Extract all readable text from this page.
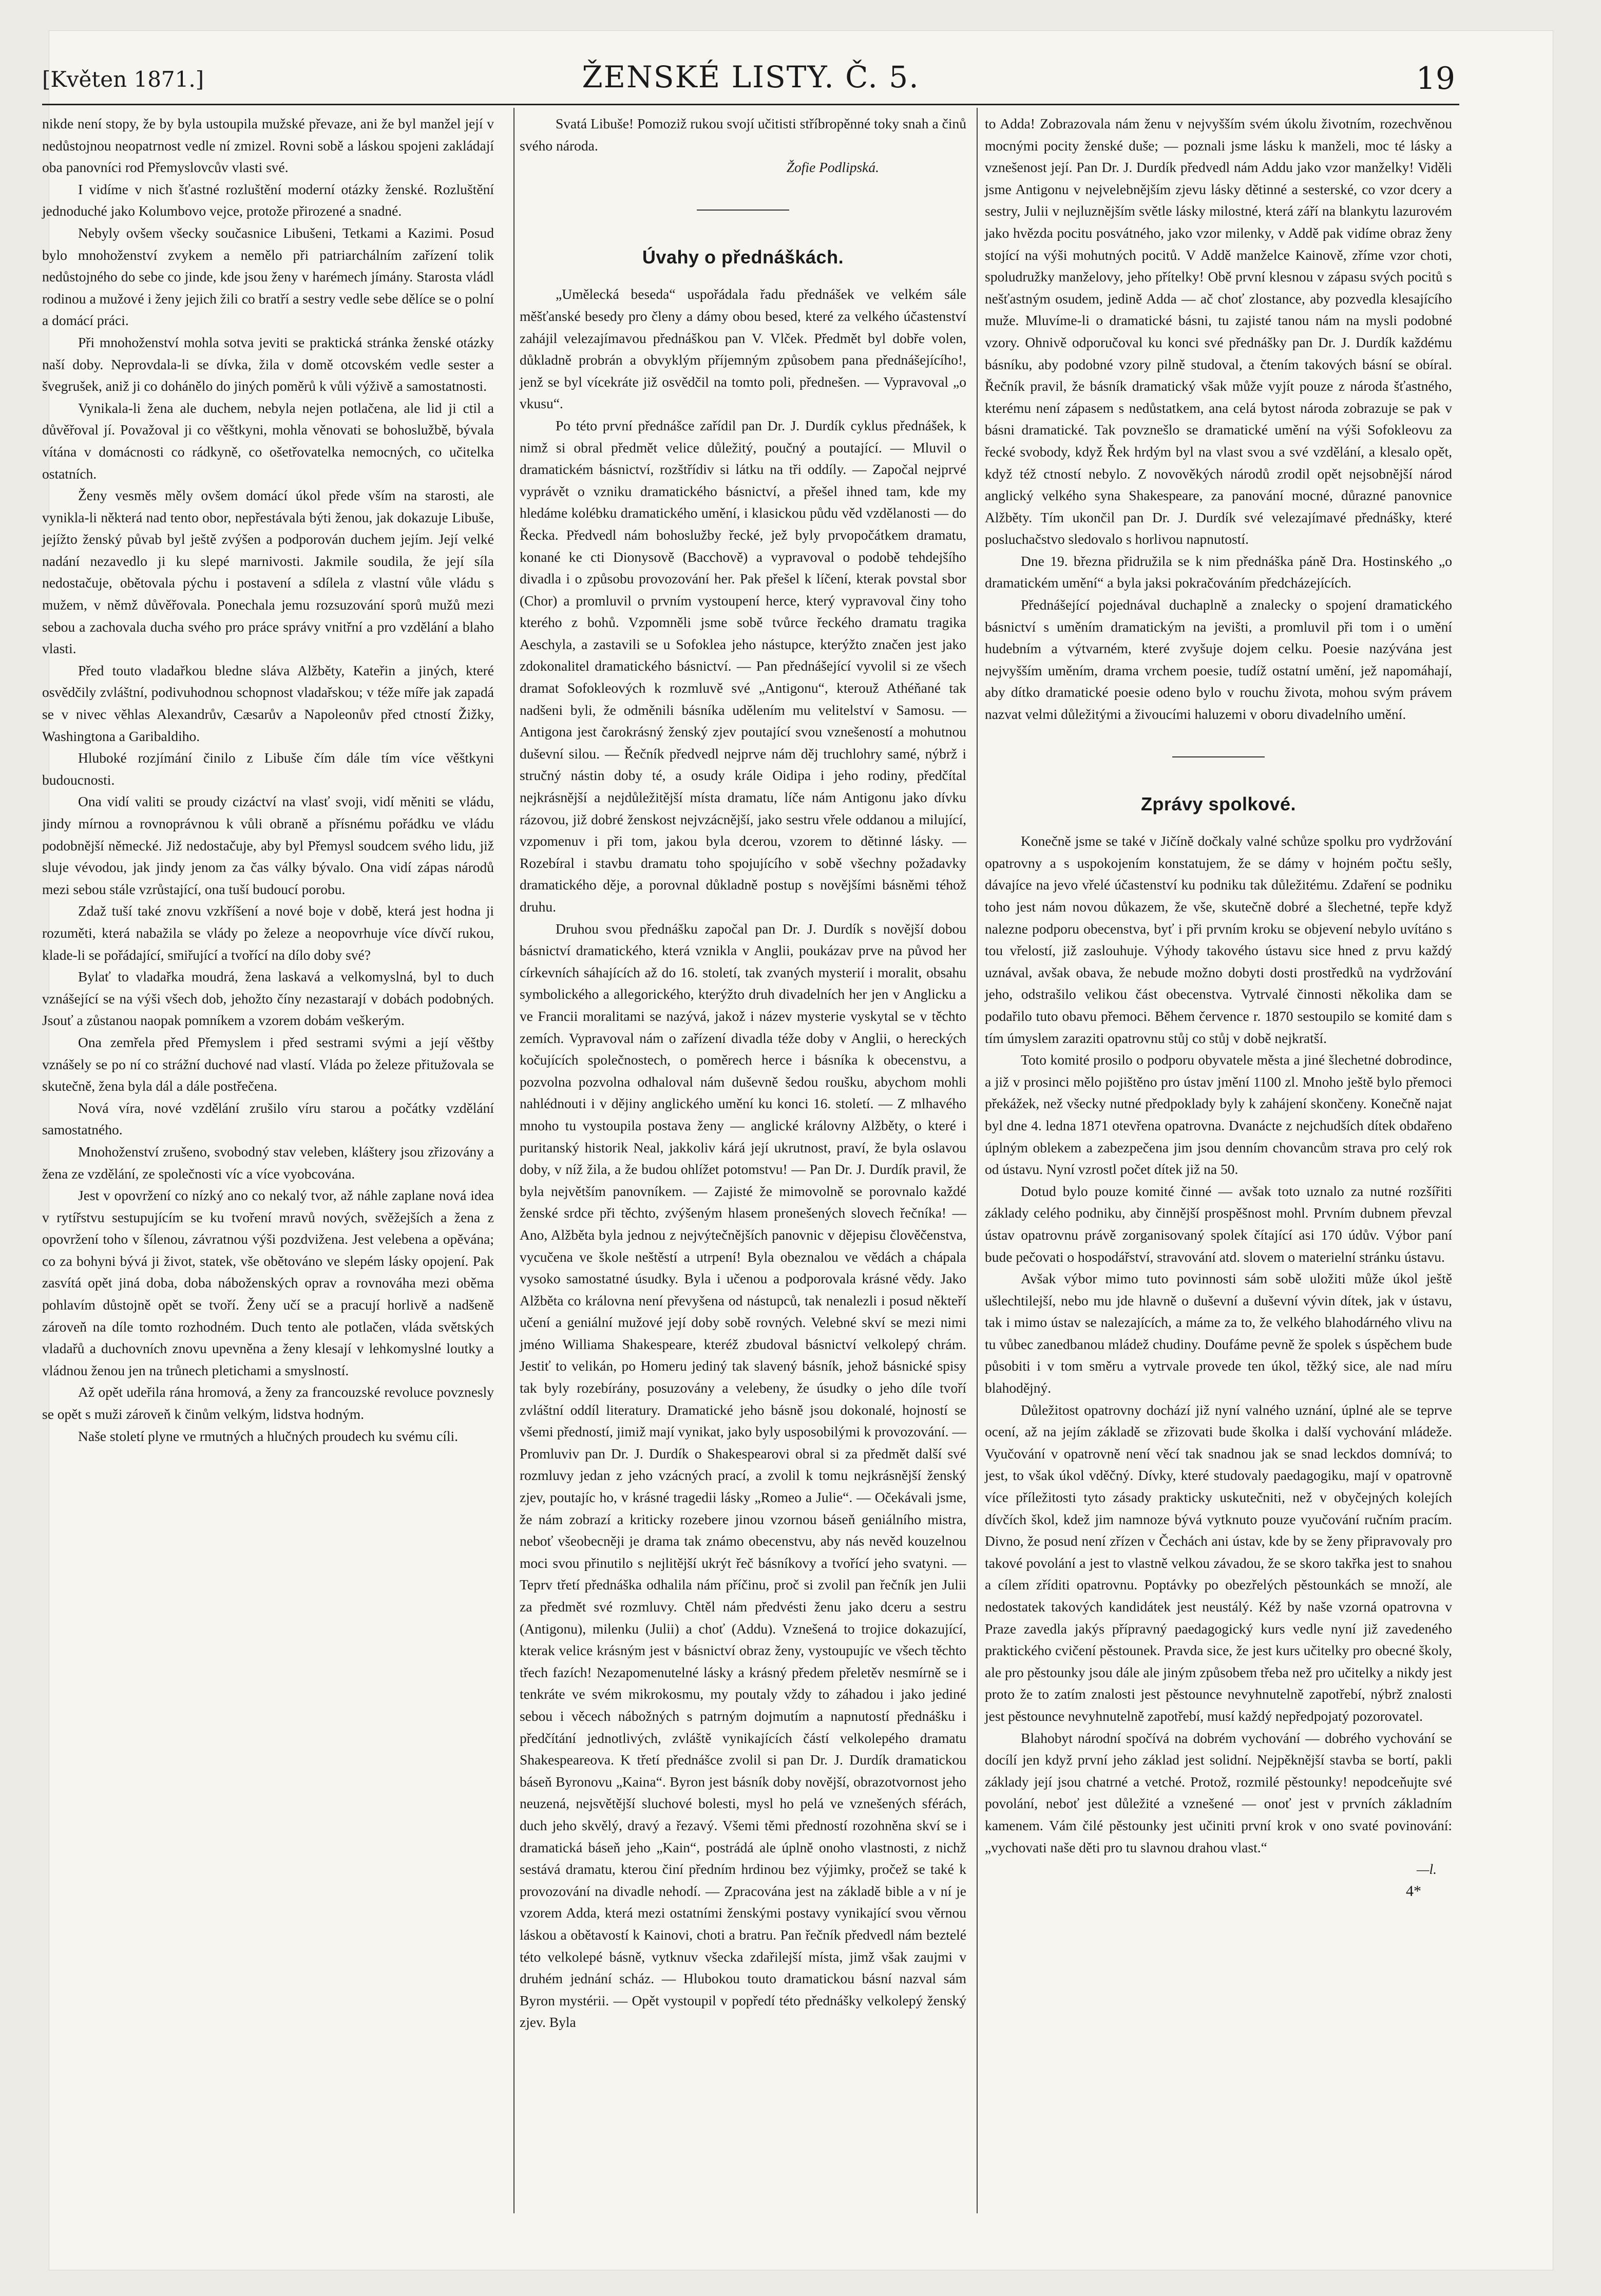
[Květen 1871.]	ŽENSKÉ LISTY. Č. 5.	19

nikde není stopy, že by byla ustoupila mužské převaze, ani že byl manžel její v nedůstojnou neopatrnost vedle ní zmizel. Rovni sobě a láskou spojeni zakládají oba panovníci rod Přemyslovcův vlasti své.

I vidíme v nich šťastné rozluštění moderní otázky ženské. Rozluštění jednoduché jako Kolumbovo vejce, protože přirozené a snadné.

Nebyly ovšem všecky současnice Libušeni, Tetkami a Kazimi. Posud bylo mnohoženství zvykem a nemělo při patriarchálním zařízení tolik nedůstojného do sebe co jinde, kde jsou ženy v harémech jímány. Starosta vládl rodinou a mužové i ženy jejich žili co bratří a sestry vedle sebe dělíce se o polní a domácí práci.

Při mnohoženství mohla sotva jeviti se praktická stránka ženské otázky naší doby. Neprovdala-li se dívka, žila v domě otcovském vedle sester a švegrušek, aniž ji co dohánělo do jiných poměrů k vůli výživě a samostatnosti.

Vynikala-li žena ale duchem, nebyla nejen potlačena, ale lid ji ctil a důvěřoval jí. Považoval ji co věštkyni, mohla věnovati se bohoslužbě, bývala vítána v domácnosti co rádkyně, co ošetřovatelka nemocných, co učitelka ostatních.

Ženy vesměs měly ovšem domácí úkol přede vším na starosti, ale vynikla-li některá nad tento obor, nepřestávala býti ženou, jak dokazuje Libuše, jejížto ženský půvab byl ještě zvýšen a podporován duchem jejím. Její velké nadání nezavedlo ji ku slepé marnivosti. Jakmile soudila, že její síla nedostačuje, obětovala pýchu i postavení a sdílela z vlastní vůle vládu s mužem, v němž důvěřovala. Ponechala jemu rozsuzování sporů mužů mezi sebou a zachovala ducha svého pro práce správy vnitřní a pro vzdělání a blaho vlasti.

Před touto vladařkou bledne sláva Alžběty, Kateřin a jiných, které osvědčily zvláštní, podivuhodnou schopnost vladařskou; v téže míře jak zapadá se v nivec věhlas Alexandrův, Cæsarův a Napoleonův před ctností Žižky, Washingtona a Garibaldiho.

Hluboké rozjímání činilo z Libuše čím dále tím více věštkyni budoucnosti.

Ona vidí valiti se proudy cizáctví na vlasť svoji, vidí měniti se vládu, jindy mírnou a rovnoprávnou k vůli obraně a přísnému pořádku ve vládu podobnější německé. Již nedostačuje, aby byl Přemysl soudcem svého lidu, již sluje vévodou, jak jindy jenom za čas války bývalo. Ona vidí zápas národů mezi sebou stále vzrůstající, ona tuší budoucí porobu.

Zdaž tuší také znovu vzkříšení a nové boje v době, která jest hodna ji rozuměti, která nabažila se vlády po železe a neopovrhuje více dívčí rukou, klade-li se pořádající, smiřující a tvořící na dílo doby své?

Bylať to vladařka moudrá, žena laskavá a velkomyslná, byl to duch vznášející se na výši všech dob, jehožto číny nezastarají v dobách podobných. Jsouť a zůstanou naopak pomníkem a vzorem dobám veškerým.

Ona zemřela před Přemyslem i před sestrami svými a její věštby vznášely se po ní co strážní duchové nad vlastí. Vláda po železe přitužovala se skutečně, žena byla dál a dále postřečena.

Nová víra, nové vzdělání zrušilo víru starou a počátky vzdělání samostatného.

Mnohoženství zrušeno, svobodný stav veleben, kláštery jsou zřizovány a žena ze vzdělání, ze společnosti víc a více vyobcována.

Jest v opovržení co nízký ano co nekalý tvor, až náhle zaplane nová idea v rytířstvu sestupujícím se ku tvoření mravů nových, svěžejších a žena z opovržení toho v šílenou, závratnou výši pozdvižena. Jest velebena a opěvána; co za bohyni bývá ji život, statek, vše obětováno ve slepém lásky opojení. Pak zasvítá opět jiná doba, doba náboženských oprav a rovnováha mezi oběma pohlavím důstojně opět se tvoří. Ženy učí se a pracují horlivě a nadšeně zároveň na díle tomto rozhodném. Duch tento ale potlačen, vláda světských vladařů a duchovních znovu upevněna a ženy klesají v lehkomyslné loutky a vládnou ženou jen na trůnech pletichami a smyslností.

Až opět udeřila rána hromová, a ženy za francouzské revoluce povznesly se opět s muži zároveň k činům velkým, lidstva hodným.

Naše století plyne ve rmutných a hlučných proudech ku svému cíli.

Svatá Libuše! Pomoziž rukou svojí učitisti stříbropěnné toky snah a činů svého národa.

Žofie Podlipská.

Úvahy o přednáškách.

„Umělecká beseda“ uspořádala řadu přednášek ve velkém sále měšťanské besedy pro členy a dámy obou besed, které za velkého účastenství zahájil velezajímavou přednáškou pan V. Vlček. Předmět byl dobře volen, důkladně probrán a obvyklým příjemným způsobem pana přednášejícího!, jenž se byl vícekráte již osvědčil na tomto poli, přednešen. — Vypravoval „o vkusu“.

Po této první přednášce zařídil pan Dr. J. Durdík cyklus přednášek, k nimž si obral předmět velice důležitý, poučný a poutající. — Mluvil o dramatickém básnictví, rozštřídiv si látku na tři oddíly. — Započal nejprvé vyprávět o vzniku dramatického básnictví, a přešel ihned tam, kde my hledáme kolébku dramatického umění, i klasickou půdu věd vzdělanosti — do Řecka. Předvedl nám bohoslužby řecké, jež byly prvopočátkem dramatu, konané ke cti Dionysově (Bacchově) a vypravoval o podobě tehdejšího divadla i o způsobu provozování her. Pak přešel k líčení, kterak povstal sbor (Chor) a promluvil o prvním vystoupení herce, který vypravoval činy toho kterého z bohů. Vzpomněli jsme sobě tvůrce řeckého dramatu tragika Aeschyla, a zastavili se u Sofoklea jeho nástupce, kterýžto značen jest jako zdokonalitel dramatického básnictví. — Pan přednášející vyvolil si ze všech dramat Sofokleových k rozmluvě své „Antigonu“, kterouž Athéňané tak nadšeni byli, že odměnili básníka udělením mu velitelství v Samosu. — Antigona jest čarokrásný ženský zjev poutající svou vznešeností a mohutnou duševní silou. — Řečník předvedl nejprve nám děj truchlohry samé, nýbrž i stručný nástin doby té, a osudy krále Oidipa i jeho rodiny, předčítal nejkrásnější a nejdůležitější místa dramatu, líče nám Antigonu jako dívku rázovou, již dobré ženskost nejvzácnější, jako sestru vřele oddanou a milující, vzpomenuv i při tom, jakou byla dcerou, vzorem to dětinné lásky. — Rozebíral i stavbu dramatu toho spojujícího v sobě všechny požadavky dramatického děje, a porovnal důkladně postup s novějšími básněmi téhož druhu.

Druhou svou přednášku započal pan Dr. J. Durdík s novější dobou básnictví dramatického, která vznikla v Anglii, poukázav prve na původ her církevních sáhajících až do 16. století, tak zvaných mysterií i moralit, obsahu symbolického a allegorického, kterýžto druh divadelních her jen v Anglicku a ve Francii moralitami se nazývá, jakož i název mysterie vyskytal se v těchto zemích. Vypravoval nám o zařízení divadla téže doby v Anglii, o hereckých kočujících společnostech, o poměrech herce i básníka k obecenstvu, a pozvolna pozvolna odhaloval nám duševně šedou roušku, abychom mohli nahlédnouti i v dějiny anglického umění ku konci 16. století. — Z mlhavého mnoho tu vystoupila postava ženy — anglické královny Alžběty, o které i puritanský historik Neal, jakkoliv kárá její ukrutnost, praví, že byla oslavou doby, v níž žila, a že budou ohlížet potomstvu! — Pan Dr. J. Durdík pravil, že byla největším panovníkem. — Zajisté že mimovolně se porovnalo každé ženské srdce při těchto, zvýšeným hlasem pronešených slovech řečníka! — Ano, Alžběta byla jednou z nejvýtečnějších panovnic v dějepisu člověčenstva, vycučena ve škole neštěstí a utrpení! Byla obeznalou ve vědách a chápala vysoko samostatné úsudky. Byla i učenou a podporovala krásné vědy. Jako Alžběta co královna není převyšena od nástupců, tak nenalezli i posud někteří učení a geniální mužové její doby sobě rovných. Velebné skví se mezi nimi jméno Williama Shakespeare, kteréž zbudoval básnictví velkolepý chrám. Jestiť to velikán, po Homeru jediný tak slavený básník, jehož básnické spisy tak byly rozebírány, posuzovány a velebeny, že úsudky o jeho díle tvoří zvláštní oddíl literatury. Dramatické jeho básně jsou dokonalé, hojností se všemi předností, jimiž mají vynikat, jako byly usposobilými k provozování. — Promluviv pan Dr. J. Durdík o Shakespearovi obral si za předmět další své rozmluvy jedan z jeho vzácných prací, a zvolil k tomu nejkrásnější ženský zjev, poutajíc ho, v krásné tragedii lásky „Romeo a Julie“. — Očekávali jsme, že nám zobrazí a kriticky rozebere jinou vzornou báseň geniálního mistra, neboť všeobecněji je drama tak známo obecenstvu, aby nás nevěd kouzelnou moci svou přinutilo s nejlitější ukrýt řeč básníkovy a tvořící jeho svatyni. — Teprv třetí přednáška odhalila nám příčinu, proč si zvolil pan řečník jen Julii za předmět své rozmluvy. Chtěl nám předvésti ženu jako dceru a sestru (Antigonu), milenku (Julii) a choť (Addu). Vznešená to trojice dokazující, kterak velice krásným jest v básnictví obraz ženy, vystoupujíc ve všech těchto třech fazích! Nezapomenutelné lásky a krásný předem přeletěv nesmírně se i tenkráte ve svém mikrokosmu, my poutaly vždy to záhadou i jako jediné sebou i věcech nábožných s patrným dojmutím a napnutostí přednášku i předčítání jednotlivých, zvláště vynikajících částí velkolepého dramatu Shakespeareova. K třetí přednášce zvolil si pan Dr. J. Durdík dramatickou báseň Byronovu „Kaina“. Byron jest básník doby novější, obrazotvornost jeho neuzená, nejsvětější sluchové bolesti, mysl ho pelá ve vznešených sférách, duch jeho skvělý, dravý a řezavý. Všemi těmi předností rozohněna skví se i dramatická báseň jeho „Kain“, postrádá ale úplně onoho vlastnosti, z nichž sestává dramatu, kterou činí předním hrdinou bez výjimky, pročež se také k provozování na divadle nehodí. — Zpracována jest na základě bible a v ní je vzorem Adda, která mezi ostatními ženskými postavy vynikající svou věrnou láskou a obětavostí k Kainovi, choti a bratru. Pan řečník předvedl nám beztelé této velkolepé básně, vytknuv všecka zdařilejší místa, jimž však zaujmi v druhém jednání scház. — Hlubokou touto dramatickou básní nazval sám Byron mystérii. — Opět vystoupil v popředí této přednášky velkolepý ženský zjev. Byla

to Adda! Zobrazovala nám ženu v nejvyšším svém úkolu životním, rozechvěnou mocnými pocity ženské duše; — poznali jsme lásku k manželi, moc té lásky a vznešenost její. Pan Dr. J. Durdík předvedl nám Addu jako vzor manželky! Viděli jsme Antigonu v nejvelebnějším zjevu lásky dětinné a sesterské, co vzor dcery a sestry, Julii v nejluznějším světle lásky milostné, která září na blankytu lazurovém jako hvězda pocitu posvátného, jako vzor milenky, v Addě pak vidíme obraz ženy stojící na výši mohutných pocitů. V Addě manželce Kainově, zříme vzor choti, spoludružky manželovy, jeho přítelky! Obě první klesnou v zápasu svých pocitů s nešťastným osudem, jedině Adda — ač choť zlostance, aby pozvedla klesajícího muže. Mluvíme-li o dramatické básni, tu zajisté tanou nám na mysli podobné vzory. Ohnivě odporučoval ku konci své přednášky pan Dr. J. Durdík každému básníku, aby podobné vzory pilně studoval, a čtením takových básní se obíral. Řečník pravil, že básník dramatický však může vyjít pouze z národa šťastného, kterému není zápasem s nedůstatkem, ana celá bytost národa zobrazuje se pak v básni dramatické. Tak povznešlo se dramatické umění na výši Sofokleovu za řecké svobody, když Řek hrdým byl na vlast svou a své vzdělání, a klesalo opět, když též ctností nebylo. Z novověkých národů zrodil opět nejsobnější národ anglický velkého syna Shakespeare, za panování mocné, důrazné panovnice Alžběty. Tím ukončil pan Dr. J. Durdík své velezajímavé přednášky, které posluchačstvo sledovalo s horlivou napnutostí.

Dne 19. března přidružila se k nim přednáška páně Dra. Hostinského „o dramatickém umění“ a byla jaksi pokračováním předcházejících.

Přednášející pojednával duchaplně a znalecky o spojení dramatického básnictví s uměním dramatickým na jevišti, a promluvil při tom i o umění hudebním a výtvarném, které zvyšuje dojem celku. Poesie nazývána jest nejvyšším uměním, drama vrchem poesie, tudíž ostatní umění, jež napomáhají, aby dítko dramatické poesie odeno bylo v rouchu života, mohou svým právem nazvat velmi důležitými a živoucími haluzemi v oboru divadelního umění.

Zprávy spolkové.

Konečně jsme se také v Jičíně dočkaly valné schůze spolku pro vydržování opatrovny a s uspokojením konstatujem, že se dámy v hojném počtu sešly, dávajíce na jevo vřelé účastenství ku podniku tak důležitému. Zdaření se podniku toho jest nám novou důkazem, že vše, skutečně dobré a šlechetné, tepře když nalezne podporu obecenstva, byť i při prvním kroku se objevení nebylo uvítáno s tou vřelostí, již zaslouhuje. Výhody takového ústavu sice hned z prvu každý uznával, avšak obava, že nebude možno dobyti dosti prostředků na vydržování jeho, odstrašilo velikou část obecenstva. Vytrvalé činnosti několika dam se podařilo tuto obavu přemoci. Během července r. 1870 sestoupilo se komité dam s tím úmyslem zaraziti opatrovnu stůj co stůj v době nejkratší.

Toto komité prosilo o podporu obyvatele města a jiné šlechetné dobrodince, a již v prosinci mělo pojištěno pro ústav jmění 1100 zl. Mnoho ještě bylo přemoci překážek, než všecky nutné předpoklady byly k zahájení skončeny. Konečně najat byl dne 4. ledna 1871 otevřena opatrovna. Dvanácte z nejchudších dítek obdařeno úplným oblekem a zabezpečena jim jsou denním chovancům strava pro celý rok od ústavu. Nyní vzrostl počet dítek již na 50.

Dotud bylo pouze komité činné — avšak toto uznalo za nutné rozšířiti základy celého podniku, aby činnější prospěšnost mohl. Prvním dubnem převzal ústav opatrovnu právě zorganisovaný spolek čítající asi 170 údův. Výbor paní bude pečovati o hospodářství, stravování atd. slovem o materielní stránku ústavu.

Avšak výbor mimo tuto povinnosti sám sobě uložiti může úkol ještě ušlechtilejší, nebo mu jde hlavně o duševní a duševní vývin dítek, jak v ústavu, tak i mimo ústav se nalezajících, a máme za to, že velkého blahodárného vlivu na tu vůbec zanedbanou mládež chudiny. Doufáme pevně že spolek s úspěchem bude působiti i v tom směru a vytrvale provede ten úkol, těžký sice, ale nad míru blahodějný.

Důležitost opatrovny dochází již nyní valného uznání, úplné ale se teprve ocení, až na jejím základě se zřizovati bude školka i další vychování mládeže. Vyučování v opatrovně není věcí tak snadnou jak se snad leckdos domnívá; to jest, to však úkol vděčný. Dívky, které studovaly paedagogiku, mají v opatrovně více příležitosti tyto zásady prakticky uskutečniti, než v obyčejných kolejích dívčích škol, kdež jim namnoze bývá vytknuto pouze vyučování ručním pracím. Divno, že posud není zřízen v Čechách ani ústav, kde by se ženy připravovaly pro takové povolání a jest to vlastně velkou závadou, že se skoro takřka jest to snahou a cílem zříditi opatrovnu. Poptávky po obezřelých pěstounkách se množí, ale nedostatek takových kandidátek jest neustálý. Kéž by naše vzorná opatrovna v Praze zavedla jakýs přípravný paedagogický kurs vedle nyní již zavedeného praktického cvičení pěstounek. Pravda sice, že jest kurs učitelky pro obecné školy, ale pro pěstounky jsou dále ale jiným způsobem třeba než pro učitelky a nikdy jest proto že to zatím znalosti jest pěstounce nevyhnutelně zapotřebí, nýbrž znalosti jest pěstounce nevyhnutelně zapotřebí, musí každý nepředpojatý pozorovatel.

Blahobyt národní spočívá na dobrém vychování — dobrého vychování se docílí jen když první jeho základ jest solidní. Nejpěknější stavba se bortí, pakli základy její jsou chatrné a vetché. Protož, rozmilé pěstounky! nepodceňujte své povolání, neboť jest důležité a vznešené — onoť jest v prvních základním kamenem. Vám čilé pěstounky jest učiniti první krok v ono svaté povinování: „vychovati naše děti pro tu slavnou drahou vlast.“

—l.

4*
